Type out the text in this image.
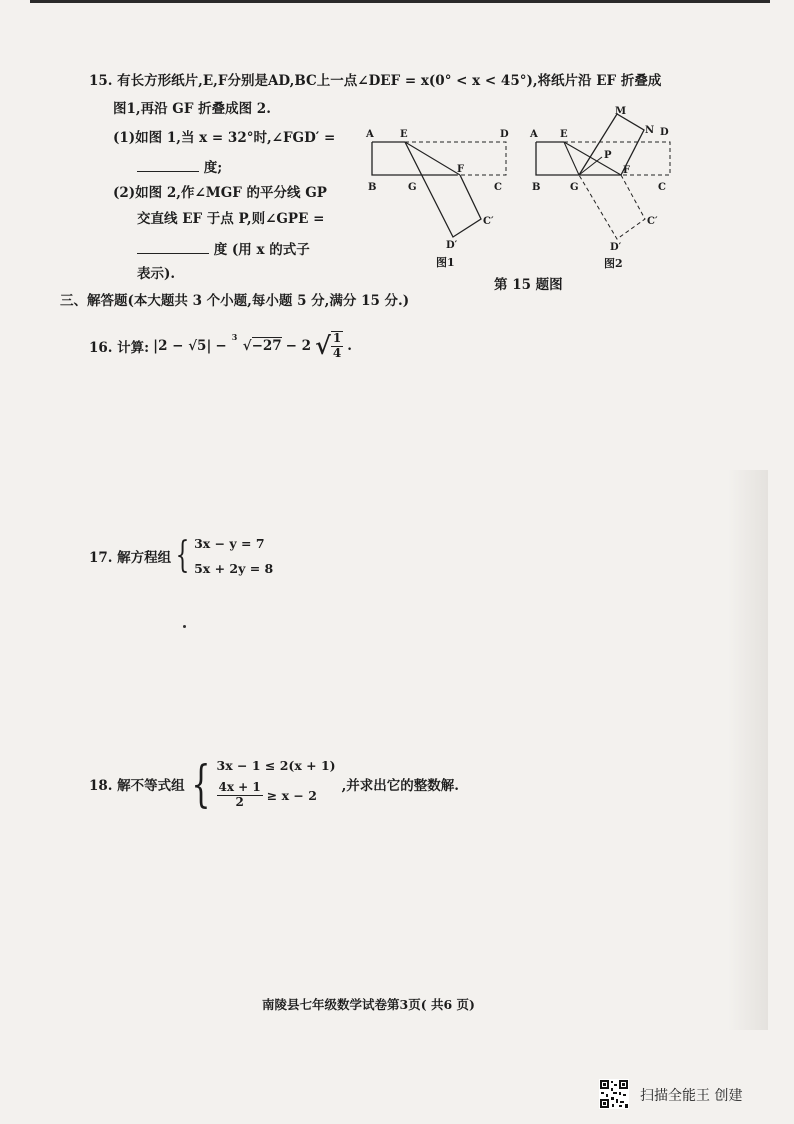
15. 有长方形纸片,E,F分别是AD,BC上一点∠DEF = x(0° < x < 45°),将纸片沿 EF 折叠成
图1,再沿 GF 折叠成图 2.
(1)如图 1,当 x = 32°时,∠FGD′ =
度;
(2)如图 2,作∠MGF 的平分线 GP
交直线 EF 于点 P,则∠GPE =
度 (用 x 的式子
表示).
A	E	D
B	G
F
C
C′
D′
图1
A E
M
N D
P
B	G
F
C
C′
D′
图2
第 15 题图
三、解答题(本大题共 3 个小题,每小题 5 分,满分 15 分.)
16. 计算: |2 − √5| −
3
√−27 − 2 √ $\frac{1}{4}$ .
17. 解方程组 { 3x − y = 7
5x + 2y = 8
18. 解不等式组 { 3x − 1 ≤ 2(x + 1)
$\frac{4x + 1}{2} \ge x - 2$
,并求出它的整数解.
南陵县七年级数学试卷第3页( 共6 页)
扫描全能王 创建
